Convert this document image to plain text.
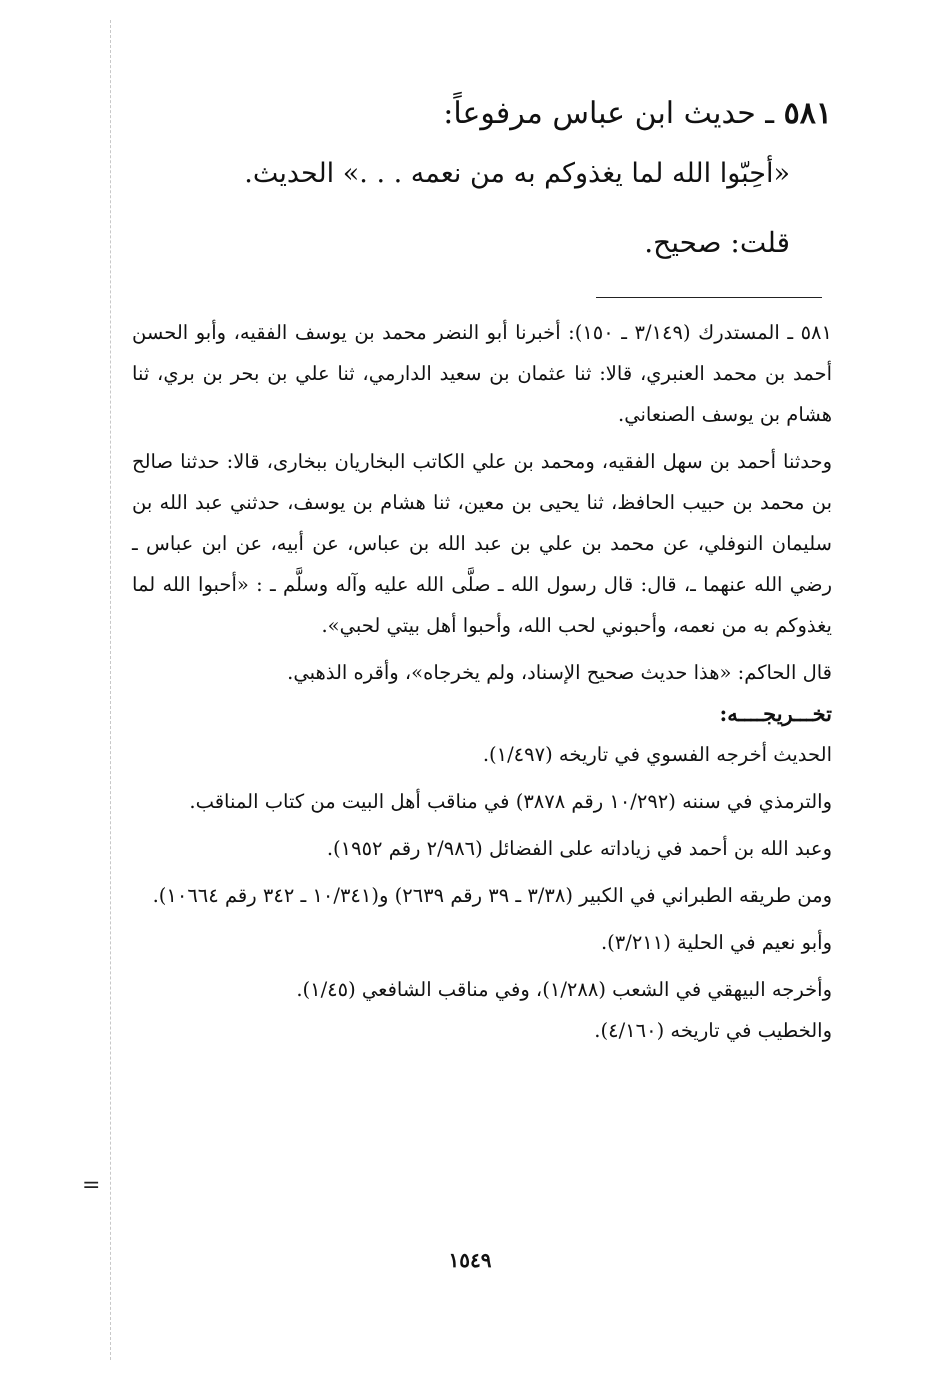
=
٥٨١ ـ حديث ابن عباس مرفوعاً:
«أحِبّوا الله لما يغذوكم به من نعمه . . .» الحديث.
قلت: صحيح.

٥٨١ ـ المستدرك (٣/١٤٩ ـ ١٥٠): أخبرنا أبو النضر محمد بن يوسف الفقيه، وأبو الحسن أحمد بن محمد العنبري، قالا: ثنا عثمان بن سعيد الدارمي، ثنا علي بن بحر بن بري، ثنا هشام بن يوسف الصنعاني.

وحدثنا أحمد بن سهل الفقيه، ومحمد بن علي الكاتب البخاريان ببخارى، قالا: حدثنا صالح بن محمد بن حبيب الحافظ، ثنا يحيى بن معين، ثنا هشام بن يوسف، حدثني عبد الله بن سليمان النوفلي، عن محمد بن علي بن عبد الله بن عباس، عن أبيه، عن ابن عباس ـ رضي الله عنهما ـ، قال: قال رسول الله ـ صلَّى الله عليه وآله وسلَّم ـ : «أحبوا الله لما يغذوكم به من نعمه، وأحبوني لحب الله، وأحبوا أهل بيتي لحبي».

قال الحاكم: «هذا حديث صحيح الإسناد، ولم يخرجاه»، وأقره الذهبي.

تخـــريجــــه:

الحديث أخرجه الفسوي في تاريخه (١/٤٩٧).

والترمذي في سننه (١٠/٢٩٢ رقم ٣٨٧٨) في مناقب أهل البيت من كتاب المناقب.

وعبد الله بن أحمد في زياداته على الفضائل (٢/٩٨٦ رقم ١٩٥٢).

ومن طريقه الطبراني في الكبير (٣/٣٨ ـ ٣٩ رقم ٢٦٣٩) و(١٠/٣٤١ ـ ٣٤٢ رقم ١٠٦٦٤).

وأبو نعيم في الحلية (٣/٢١١).

وأخرجه البيهقي في الشعب (١/٢٨٨)، وفي مناقب الشافعي (١/٤٥).

والخطيب في تاريخه (٤/١٦٠).

١٥٤٩
